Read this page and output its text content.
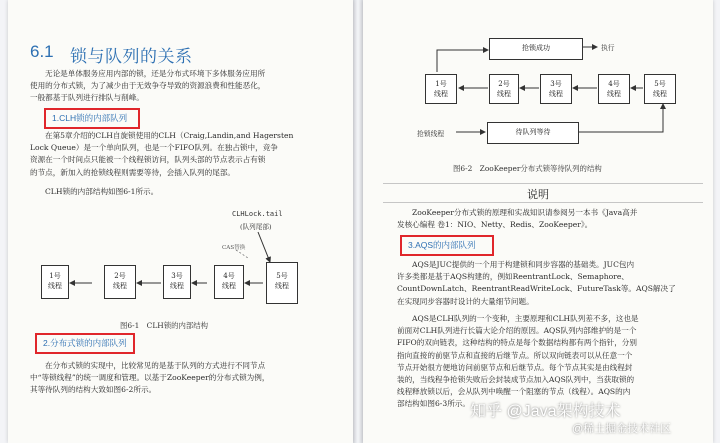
6.1 锁与队列的关系
无论是单体服务应用内部的锁，还是分布式环境下多体服务应用所
使用的分布式锁，为了减少由于无效争夺导致的资源浪费和性能恶化，
一般都基于队列进行排队与削峰。
1.CLH锁的内部队列
在第5章介绍的CLH自旋锁使用的CLH（Craig,Landin,and Hagersten
Lock Queue）是一个单向队列，也是一个FIFO队列。在独占锁中，竞争
资源在一个时间点只能被一个线程锁访问，队列头部的节点表示占有锁
的节点，新加入的抢锁线程则需要等待，会插入队列的尾部。
CLH锁的内部结构如图6-1所示。
CLHLock.tail
(队列尾部)
CAS替换
1号
线程
2号
线程
3号
线程
4号
线程
5号
线程
图6-1　CLH锁的内部结构
2.分布式锁的内部队列
在分布式锁的实现中，比较常见的是基于队列的方式进行不同节点
中“等锁线程”的统一调度和管理。以基于ZooKeeper的分布式锁为例，
其等待队列的结构大致如图6-2所示。
抢锁成功	执行
1号
线程
2号
线程
3号
线程
4号
线程
5号
线程
抢锁线程	待队列等待
图6-2　ZooKeeper分布式锁等待队列的结构
说明
ZooKeeper分布式锁的原理和实战知识请参阅另一本书《Java高并
发核心编程 卷1：NIO、Netty、Redis、ZooKeeper》。
3.AQS的内部队列
AQS是JUC提供的一个用于构建锁和同步容器的基础类。JUC包内
许多类都是基于AQS构建的，例如ReentrantLock、Semaphore、
CountDownLatch、ReentrantReadWriteLock、FutureTask等。AQS解决了
在实现同步容器时设计的大量细节问题。
AQS是CLH队列的一个变种，主要原理和CLH队列差不多，这也是
前面对CLH队列进行长篇大论介绍的原因。AQS队列内部维护的是一个
FIFO的双向链表，这种结构的特点是每个数据结构都有两个指针，分别
指向直接的前驱节点和直接的后继节点。所以双向链表可以从任意一个
节点开始很方便地访问前驱节点和后继节点。每个节点其实是由线程封
装的，当线程争抢锁失败后会封装成节点加入AQS队列中，当获取锁的
线程释放锁以后，会从队列中唤醒一个阻塞的节点（线程）。AQS的内
部结构如图6-3所示。 知乎 @Java架构技术
@稀土掘金技术社区
